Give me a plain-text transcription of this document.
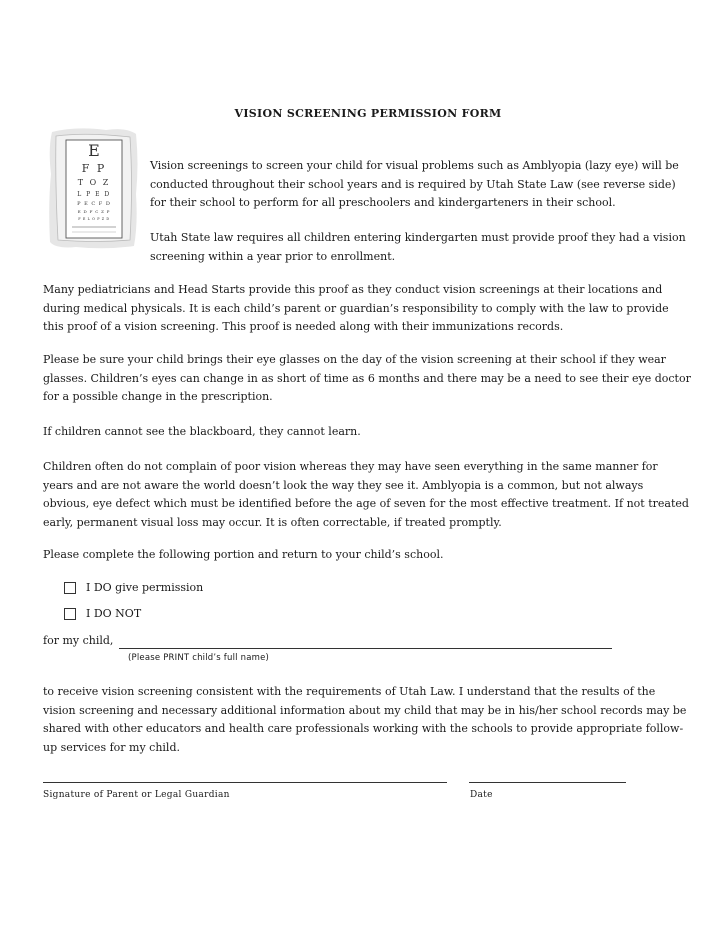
VISION SCREENING PERMISSION FORM
E
F P
T O Z
L P E D
P E C F D
E D F C Z P
F E L O P Z D

Vision screenings to screen your child for visual problems such as Amblyopia (lazy eye) will be conducted throughout their school years and is required by Utah State Law (see reverse side) for their school to perform for all preschoolers and kindergarteners in their school.

Utah State law requires all children entering kindergarten must provide proof they had a vision screening within a year prior to enrollment.

Many pediatricians and Head Starts provide this proof as they conduct vision screenings at their locations and during medical physicals. It is each child’s parent or guardian’s responsibility to comply with the law to provide this proof of a vision screening. This proof is needed along with their immunizations records.

Please be sure your child brings their eye glasses on the day of the vision screening at their school if they wear glasses. Children’s eyes can change in as short of time as 6 months and there may be a need to see their eye doctor for a possible change in the prescription.

If children cannot see the blackboard, they cannot learn.

Children often do not complain of poor vision whereas they may have seen everything in the same manner for years and are not aware the world doesn’t look the way they see it. Amblyopia is a common, but not always obvious, eye defect which must be identified before the age of seven for the most effective treatment. If not treated early, permanent visual loss may occur. It is often correctable, if treated promptly.

Please complete the following portion and return to your child’s school.

I DO give permission
I DO NOT
for my child,
(Please PRINT child’s full name)

to receive vision screening consistent with the requirements of Utah Law. I understand that the results of the vision screening and necessary additional information about my child that may be in his/her school records may be shared with other educators and health care professionals working with the schools to provide appropriate follow-up services for my child.

Signature of Parent or Legal Guardian	Date
